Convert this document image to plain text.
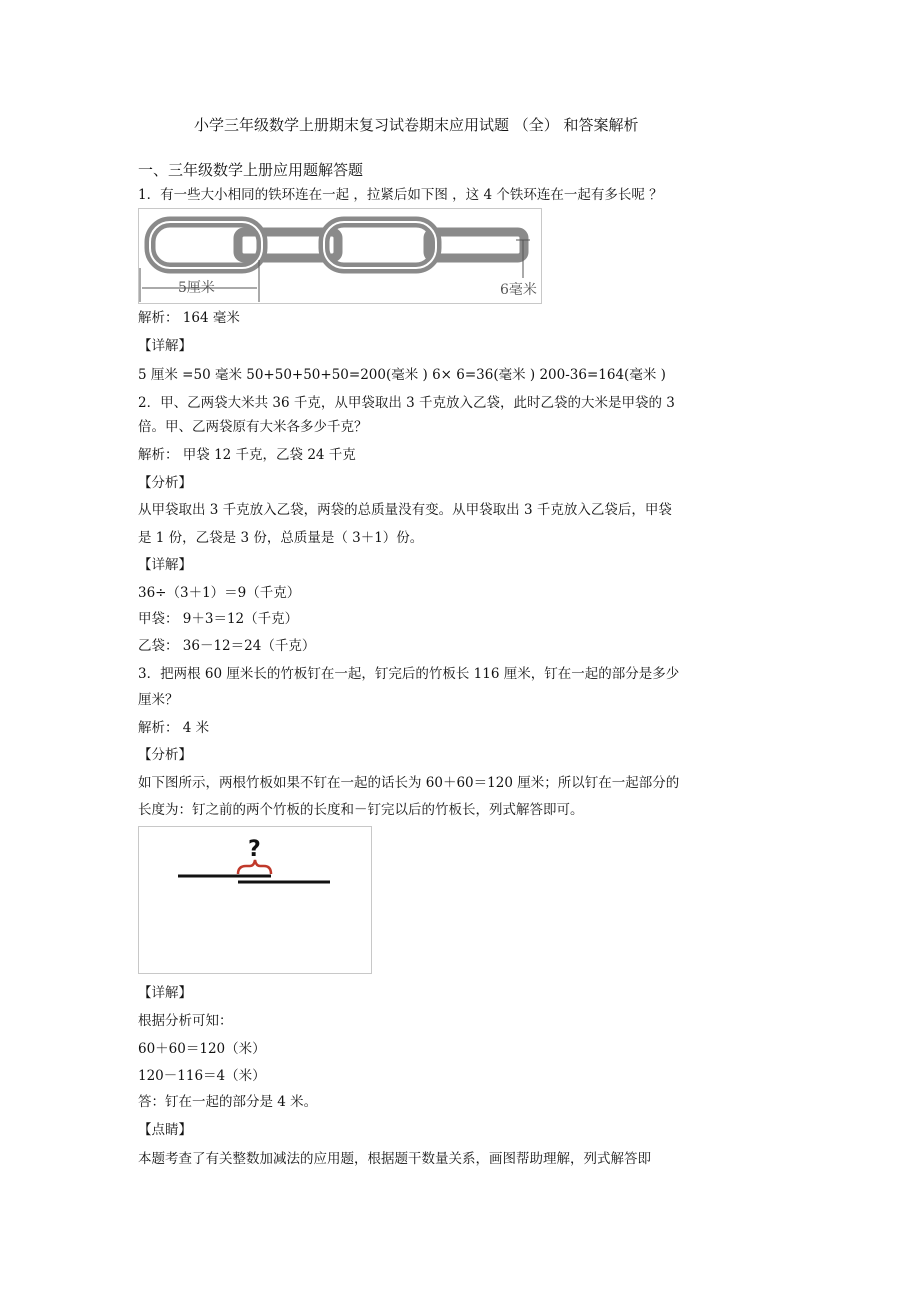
小学三年级数学上册期末复习试卷期末应用试题 （全） 和答案解析
一、三年级数学上册应用题解答题
1．有一些大小相同的铁环连在一起 ，拉紧后如下图 ，这 4 个铁环连在一起有多长呢 ？
5厘米	6毫米
解析： 164 毫米
【详解】
5 厘米 =50 毫米 50+50+50+50=200(毫米 ) 6× 6=36(毫米 ) 200-36=164(毫米 )
2．甲、乙两袋大米共 36 千克，从甲袋取出 3 千克放入乙袋，此时乙袋的大米是甲袋的 3
倍。甲、乙两袋原有大米各多少千克？
解析： 甲袋 12 千克，乙袋 24 千克
【分析】
从甲袋取出 3 千克放入乙袋，两袋的总质量没有变。从甲袋取出 3 千克放入乙袋后，甲袋
是 1 份，乙袋是 3 份，总质量是（ 3＋1）份。
【详解】
36÷（3＋1）＝9（千克）
甲袋： 9＋3＝12（千克）
乙袋： 36－12＝24（千克）
3．把两根 60 厘米长的竹板钉在一起，钉完后的竹板长 116 厘米，钉在一起的部分是多少
厘米？
解析： 4 米
【分析】
如下图所示，两根竹板如果不钉在一起的话长为 60＋60＝120 厘米；所以钉在一起部分的
长度为：钉之前的两个竹板的长度和－钉完以后的竹板长，列式解答即可。
?
【详解】
根据分析可知：
60＋60＝120（米）
120－116＝4（米）
答：钉在一起的部分是 4 米。
【点睛】
本题考查了有关整数加减法的应用题，根据题干数量关系，画图帮助理解，列式解答即
